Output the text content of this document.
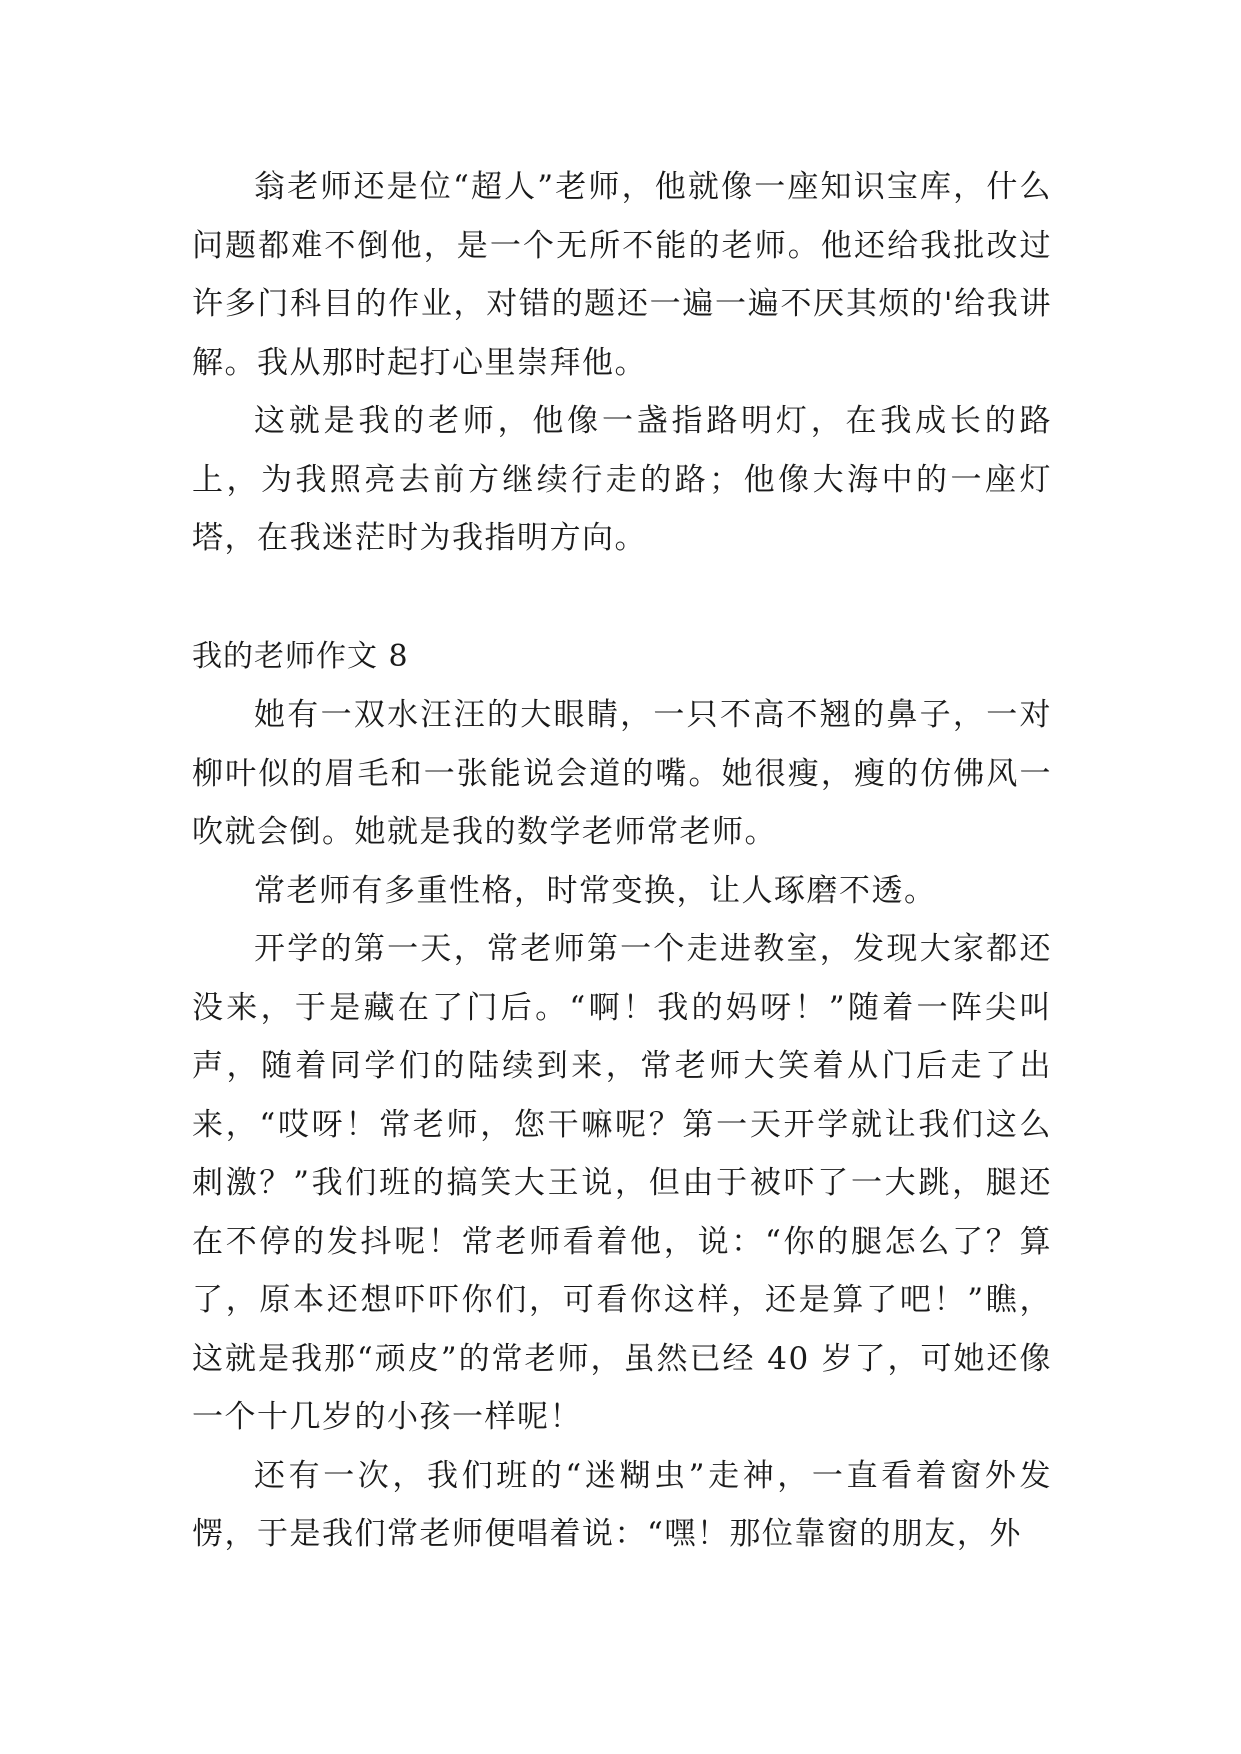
翁老师还是位“超人”老师，他就像一座知识宝库，什么问题都难不倒他，是一个无所不能的老师。他还给我批改过许多门科目的作业，对错的题还一遍一遍不厌其烦的'给我讲解。我从那时起打心里崇拜他。

这就是我的老师，他像一盏指路明灯，在我成长的路上，为我照亮去前方继续行走的路；他像大海中的一座灯塔，在我迷茫时为我指明方向。

我的老师作文 8

她有一双水汪汪的大眼睛，一只不高不翘的鼻子，一对柳叶似的眉毛和一张能说会道的嘴。她很瘦，瘦的仿佛风一吹就会倒。她就是我的数学老师常老师。

常老师有多重性格，时常变换，让人琢磨不透。

开学的第一天，常老师第一个走进教室，发现大家都还没来，于是藏在了门后。“啊！我的妈呀！”随着一阵尖叫声，随着同学们的陆续到来，常老师大笑着从门后走了出来，“哎呀！常老师，您干嘛呢？第一天开学就让我们这么刺激？”我们班的搞笑大王说，但由于被吓了一大跳，腿还在不停的发抖呢！常老师看着他，说：“你的腿怎么了？算了，原本还想吓吓你们，可看你这样，还是算了吧！”瞧，这就是我那“顽皮”的常老师，虽然已经 40 岁了，可她还像一个十几岁的小孩一样呢！

还有一次，我们班的“迷糊虫”走神，一直看着窗外发愣，于是我们常老师便唱着说：“嘿！那位靠窗的朋友，外
